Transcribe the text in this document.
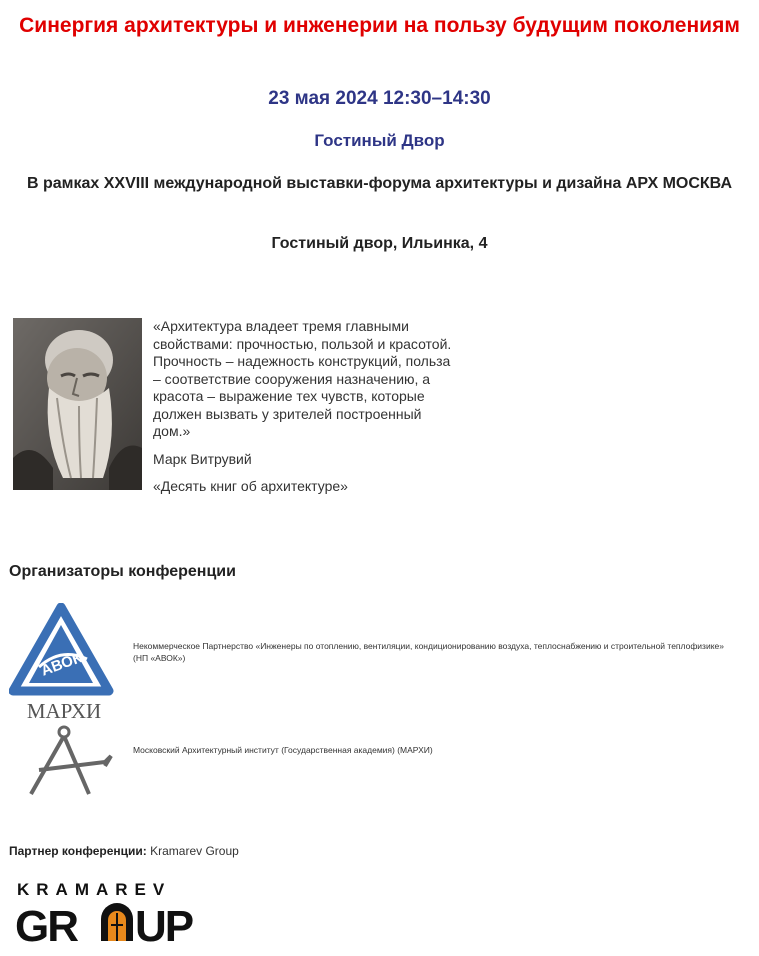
Синергия архитектуры и инженерии на пользу будущим поколениям
23 мая 2024 12:30–14:30
Гостиный Двор
В рамках XXVIII международной выставки-форума архитектуры и дизайна АРХ МОСКВА
Гостиный двор, Ильинка, 4

«Архитектура владеет тремя главными свойствами: прочностью, пользой и красотой. Прочность – надежность конструкций, польза – соответствие сооружения назначению, а красота – выражение тех чувств, которые должен вызвать у зрителей построенный дом.»

Марк Витрувий

«Десять книг об архитектуре»

Организаторы конференции
АВОК
Некоммерческое Партнерство «Инженеры по отоплению, вентиляции, кондиционированию воздуха, теплоснабжению и строительной теплофизике» (НП «АВОК»)
МАРХИ
Московский Архитектурный институт (Государственная академия) (МАРХИ)
Партнер конференции: Kramarev Group
KRAMAREV
GR UP
